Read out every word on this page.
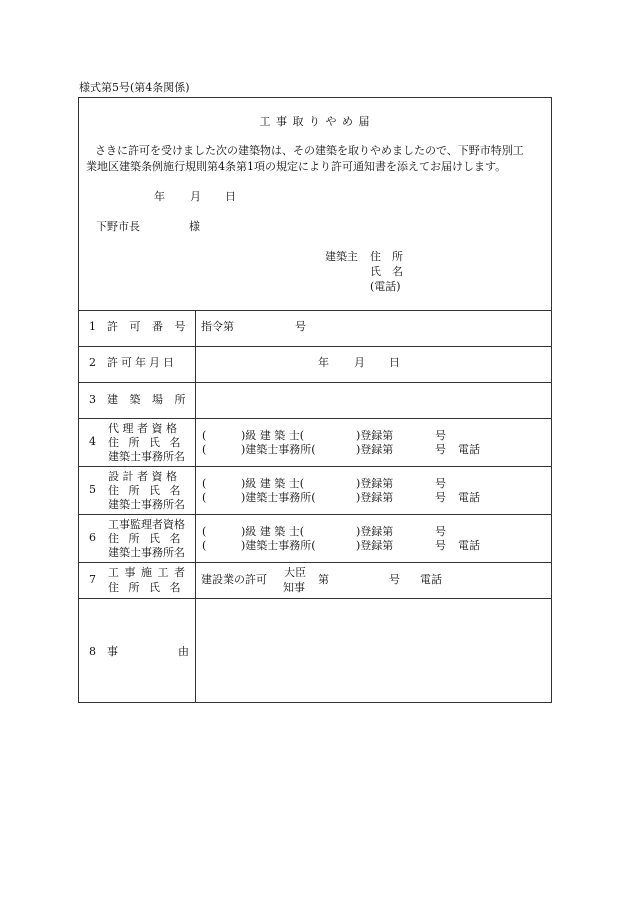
様式第5号(第4条関係)
工 事 取 り や め 届
さきに許可を受けました次の建築物は、その建築を取りやめましたので、下野市特別工
業地区建築条例施行規則第4条第1項の規定により許可通知書を添えてお届けします。
年 月 日
下野市長	様
建築主 住　所
氏　名
(電話)
1 許 可 番 号 指令第	号
2 許可年月日	年 月 日
3 建 築 場 所
4
代 理 者 資 格
住 所 氏 名
建築士事務所名
(	)級 建 築 士(	)登録第	号
(	)建築士事務所(	)登録第	号 電話
5
設 計 者 資 格
住 所 氏 名
建築士事務所名
(	)級 建 築 士(	)登録第	号
(	)建築士事務所(	)登録第	号 電話
6
工事監理者資格
住 所 氏 名
建築士事務所名
(	)級 建 築 士(	)登録第	号
(	)建築士事務所(	)登録第	号 電話
7
工 事 施 工 者
住 所 氏 名
建設業の許可
大臣
知事
第	号 電話
8 事	由
